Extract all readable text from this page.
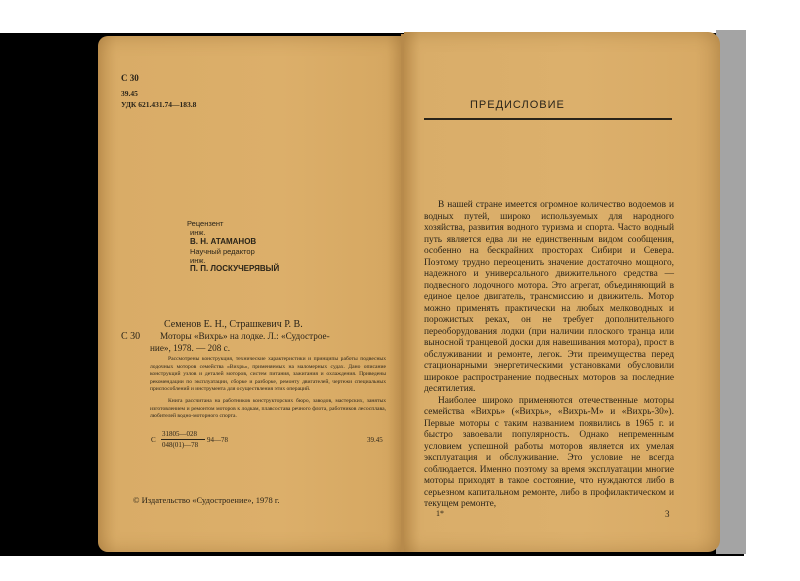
С 30
39.45
УДК 621.431.74—183.8
Рецензент
инж.
В. Н. АТАМАНОВ
Научный редактор
инж.
П. П. ЛОСКУЧЕРЯВЫЙ
Семенов Е. Н., Страшкевич Р. В.
С 30 Моторы «Вихрь» на лодке. Л.: «Судострое-
ние», 1978. — 208 с.
Рассмотрены конструкция, технические характеристики и принципы работы подвесных лодочных моторов семейства «Вихрь», применяемых на маломерных судах. Дано описание конструкций узлов и деталей моторов, систем питания, зажигания и охлаждения. Приведены рекомендации по эксплуатации, сборке и разборке, ремонту двигателей, чертежи специальных приспособлений и инструмента для осуществления этих операций.
Книга рассчитана на работников конструкторских бюро, заводов, мастерских, занятых изготовлением и ремонтом моторов к лодкам, плавсостава речного флота, работников лесосплава, любителей водно-моторного спорта.
С
31805—028
048(01)—78
94—78	39.45
© Издательство «Судостроение», 1978 г.
ПРЕДИСЛОВИЕ

В нашей стране имеется огромное количество водоемов и водных путей, широко используемых для народного хозяйства, развития водного туризма и спорта. Часто водный путь является едва ли не единственным видом сообщения, особенно на бескрайних просторах Сибири и Севера. Поэтому трудно переоценить значение достаточно мощного, надежного и универсального движительного средства — подвесного лодочного мотора. Это агрегат, объединяющий в единое целое двигатель, трансмиссию и движитель. Мотор можно применять практически на любых мелководных и порожистых реках, он не требует дополнительного переоборудования лодки (при наличии плоского транца или выносной транцевой доски для навешивания мотора), прост в обслуживании и ремонте, легок. Эти преимущества перед стационарными энергетическими установками обусловили широкое распространение подвесных моторов за последние десятилетия.

Наиболее широко применяются отечественные моторы семейства «Вихрь» («Вихрь», «Вихрь-М» и «Вихрь-30»). Первые моторы с таким названием появились в 1965 г. и быстро завоевали популярность. Однако непременным условием успешной работы моторов является их умелая эксплуатация и обслуживание. Это условие не всегда соблюдается. Именно поэтому за время эксплуатации многие моторы приходят в такое состояние, что нуждаются либо в серьезном капитальном ремонте, либо в профилактическом и текущем ремонте,

1*	3
